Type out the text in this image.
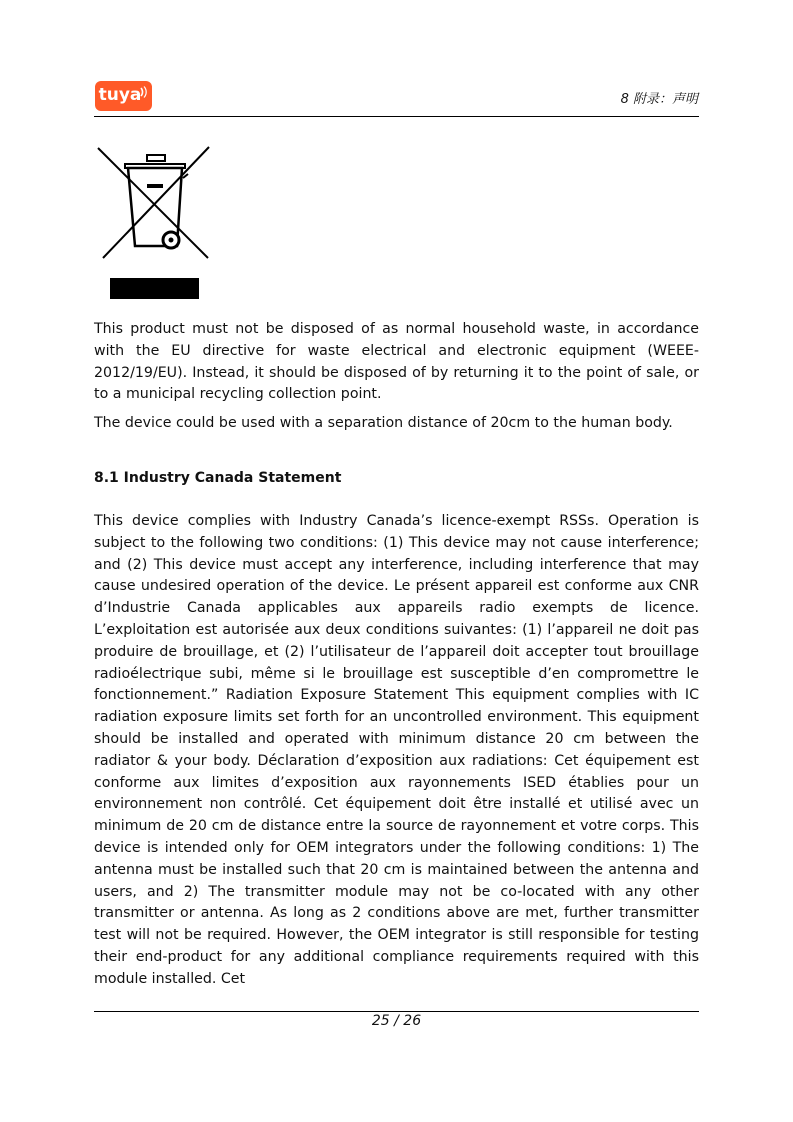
tuya	8 附录：声明

This product must not be disposed of as normal household waste, in accordance with the EU directive for waste electrical and electronic equipment (WEEE-2012/19/EU). Instead, it should be disposed of by returning it to the point of sale, or to a municipal recycling collection point.

The device could be used with a separation distance of 20cm to the human body.

8.1 Industry Canada Statement

This device complies with Industry Canada’s licence-exempt RSSs. Operation is subject to the following two conditions: (1) This device may not cause interference; and (2) This device must accept any interference, including interference that may cause undesired operation of the device. Le présent appareil est conforme aux CNR d’Industrie Canada applicables aux appareils radio exempts de licence. L’exploitation est autorisée aux deux conditions suivantes: (1) l’appareil ne doit pas produire de brouillage, et (2) l’utilisateur de l’appareil doit accepter tout brouillage radioélectrique subi, même si le brouillage est susceptible d’en compromettre le fonctionnement.” Radiation Exposure Statement This equipment complies with IC radiation exposure limits set forth for an uncontrolled environment. This equipment should be installed and operated with minimum distance 20 cm between the radiator & your body. Déclaration d’exposition aux radiations: Cet équipement est conforme aux limites d’exposition aux rayonnements ISED établies pour un environnement non contrôlé. Cet équipement doit être installé et utilisé avec un minimum de 20 cm de distance entre la source de rayonnement et votre corps. This device is intended only for OEM integrators under the following conditions: 1) The antenna must be installed such that 20 cm is maintained between the antenna and users, and 2) The transmitter module may not be co-located with any other transmitter or antenna. As long as 2 conditions above are met, further transmitter test will not be required. However, the OEM integrator is still responsible for testing their end-product for any additional compliance requirements required with this module installed. Cet

25 / 26
